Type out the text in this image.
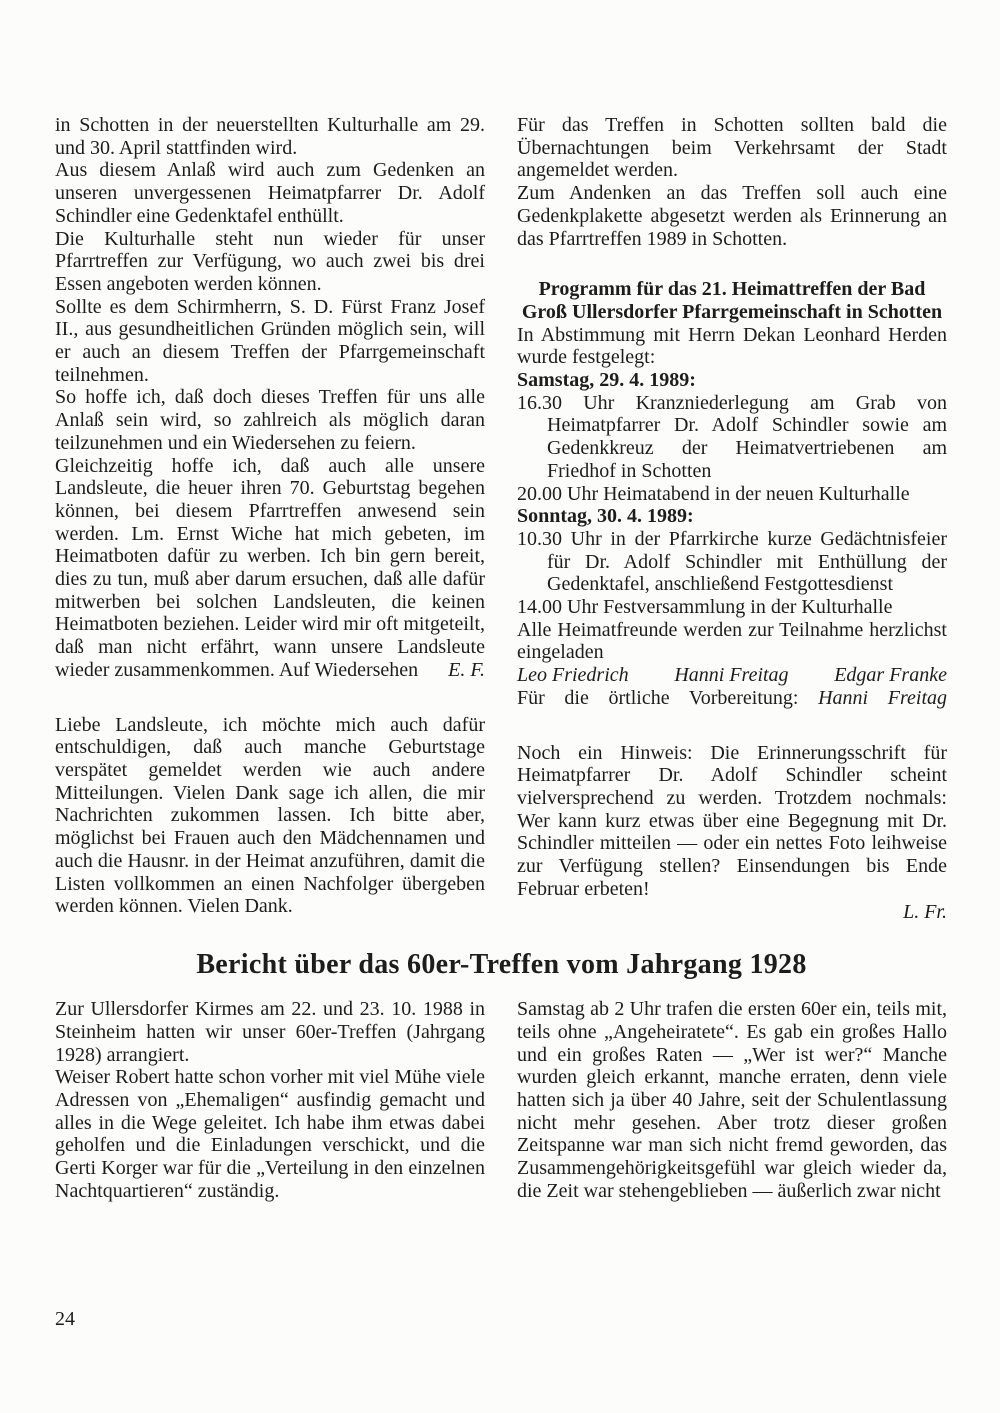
in Schotten in der neuerstellten Kulturhalle am 29. und 30. April stattfinden wird.

Aus diesem Anlaß wird auch zum Gedenken an unseren unvergessenen Heimatpfarrer Dr. Adolf Schindler eine Gedenktafel enthüllt.

Die Kulturhalle steht nun wieder für unser Pfarrtreffen zur Verfügung, wo auch zwei bis drei Essen angeboten werden können.

Sollte es dem Schirmherrn, S. D. Fürst Franz Josef II., aus gesundheitlichen Gründen möglich sein, will er auch an diesem Treffen der Pfarrgemeinschaft teilnehmen.

So hoffe ich, daß doch dieses Treffen für uns alle Anlaß sein wird, so zahlreich als möglich daran teilzunehmen und ein Wiedersehen zu feiern.

Gleichzeitig hoffe ich, daß auch alle unsere Landsleute, die heuer ihren 70. Geburtstag begehen können, bei diesem Pfarrtreffen anwesend sein werden. Lm. Ernst Wiche hat mich gebeten, im Heimatboten dafür zu werben. Ich bin gern bereit, dies zu tun, muß aber darum ersuchen, daß alle dafür mitwerben bei solchen Landsleuten, die keinen Heimatboten beziehen. Leider wird mir oft mitgeteilt, daß man nicht erfährt, wann unsere Landsleute wieder zusammenkommen. Auf Wiedersehen E. F.

Liebe Landsleute, ich möchte mich auch dafür entschuldigen, daß auch manche Geburtstage verspätet gemeldet werden wie auch andere Mitteilungen. Vielen Dank sage ich allen, die mir Nachrichten zukommen lassen. Ich bitte aber, möglichst bei Frauen auch den Mädchennamen und auch die Hausnr. in der Heimat anzuführen, damit die Listen vollkommen an einen Nachfolger übergeben werden können. Vielen Dank.

Für das Treffen in Schotten sollten bald die Übernachtungen beim Verkehrsamt der Stadt angemeldet werden.

Zum Andenken an das Treffen soll auch eine Gedenkplakette abgesetzt werden als Erinnerung an das Pfarrtreffen 1989 in Schotten.

Programm für das 21. Heimattreffen der Bad Groß Ullersdorfer Pfarrgemeinschaft in Schotten

In Abstimmung mit Herrn Dekan Leonhard Herden wurde festgelegt:

Samstag, 29. 4. 1989:

16.30 Uhr Kranzniederlegung am Grab von Heimatpfarrer Dr. Adolf Schindler sowie am Gedenkkreuz der Heimatvertriebenen am Friedhof in Schotten
20.00 Uhr Heimatabend in der neuen Kulturhalle

Sonntag, 30. 4. 1989:

10.30 Uhr in der Pfarrkirche kurze Gedächtnisfeier für Dr. Adolf Schindler mit Enthüllung der Gedenktafel, anschließend Festgottesdienst
14.00 Uhr Festversammlung in der Kulturhalle

Alle Heimatfreunde werden zur Teilnahme herzlichst eingeladen

Leo Friedrich Hanni Freitag Edgar Franke
Für die örtliche Vorbereitung: Hanni Freitag

Noch ein Hinweis: Die Erinnerungsschrift für Heimatpfarrer Dr. Adolf Schindler scheint vielversprechend zu werden. Trotzdem nochmals: Wer kann kurz etwas über eine Begegnung mit Dr. Schindler mitteilen — oder ein nettes Foto leihweise zur Verfügung stellen? Einsendungen bis Ende Februar erbeten!

L. Fr.

Bericht über das 60er-Treffen vom Jahrgang 1928

Zur Ullersdorfer Kirmes am 22. und 23. 10. 1988 in Steinheim hatten wir unser 60er-Treffen (Jahrgang 1928) arrangiert.

Weiser Robert hatte schon vorher mit viel Mühe viele Adressen von „Ehemaligen“ ausfindig gemacht und alles in die Wege geleitet. Ich habe ihm etwas dabei geholfen und die Einladungen verschickt, und die Gerti Korger war für die „Verteilung in den einzelnen Nachtquartieren“ zuständig.

Samstag ab 2 Uhr trafen die ersten 60er ein, teils mit, teils ohne „Angeheiratete“. Es gab ein großes Hallo und ein großes Raten — „Wer ist wer?“ Manche wurden gleich erkannt, manche erraten, denn viele hatten sich ja über 40 Jahre, seit der Schulentlassung nicht mehr gesehen. Aber trotz dieser großen Zeitspanne war man sich nicht fremd geworden, das Zusammengehörigkeitsgefühl war gleich wieder da, die Zeit war stehengeblieben — äußerlich zwar nicht

24
